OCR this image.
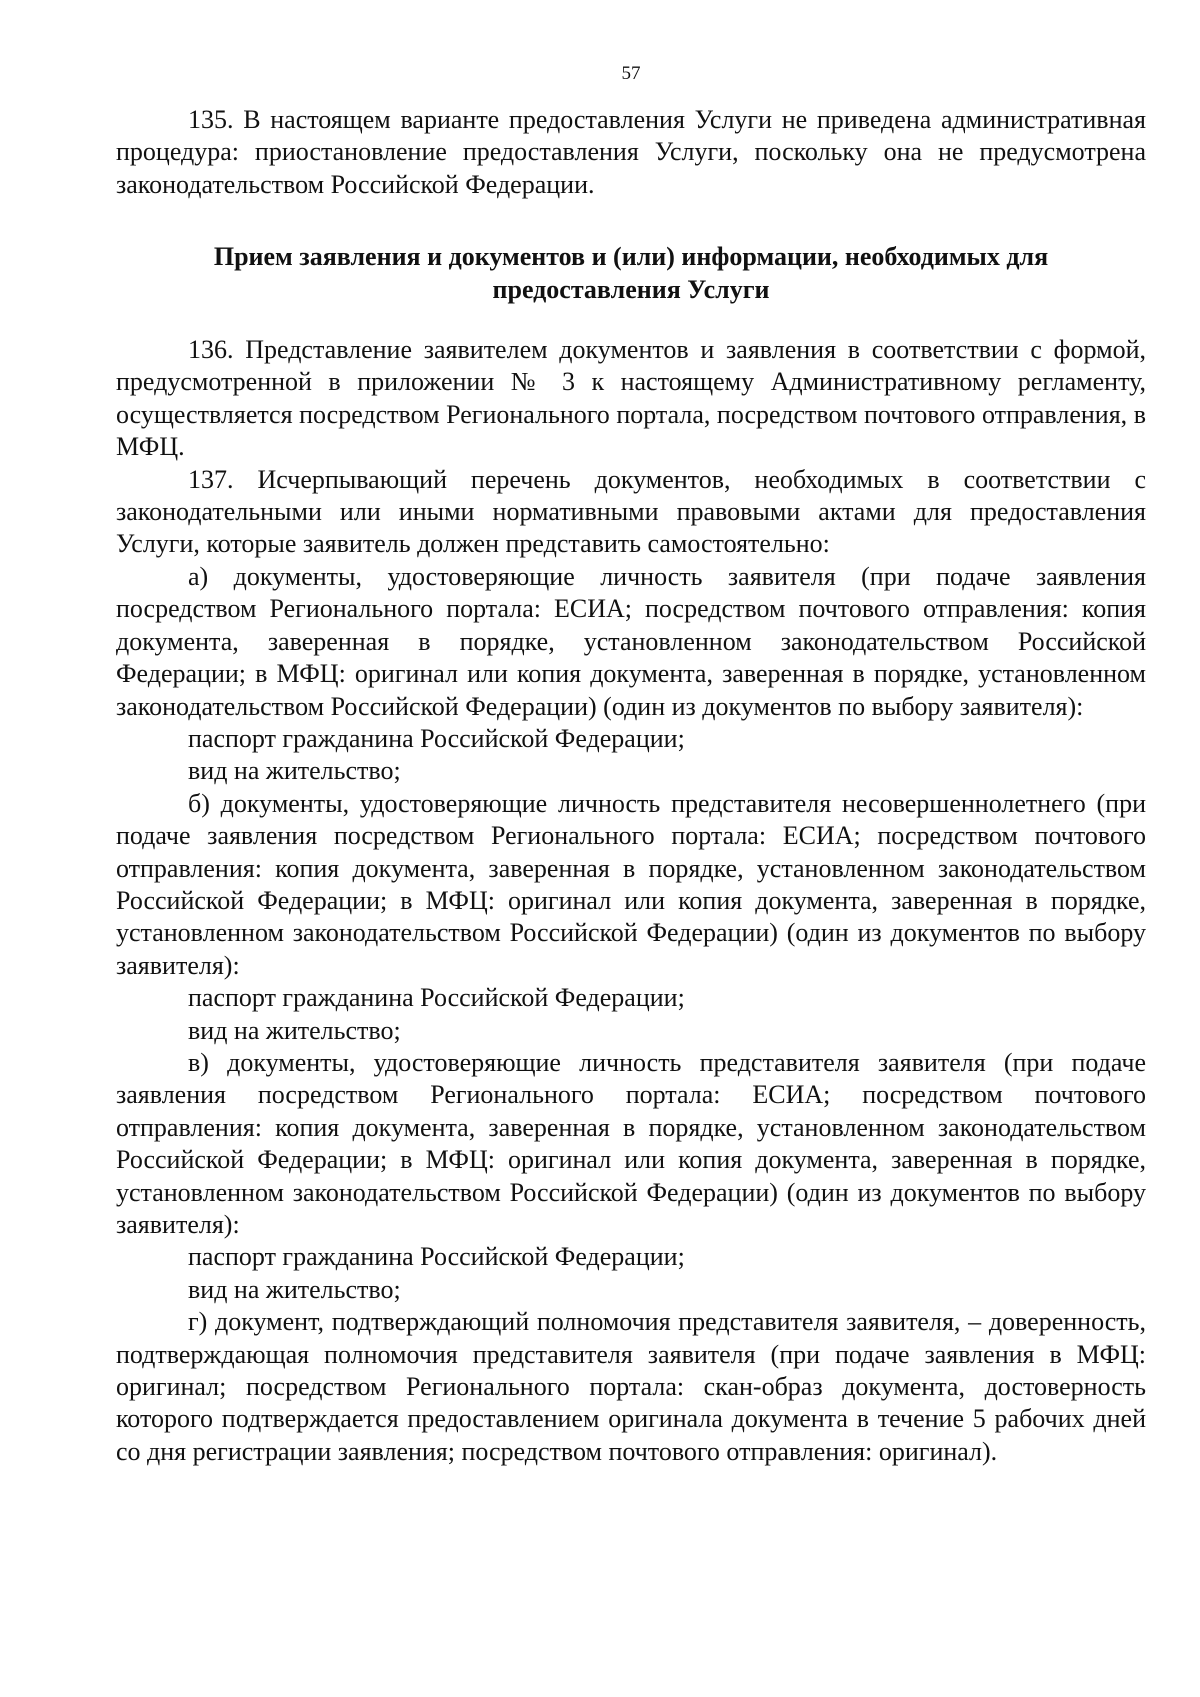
57

135. В настоящем варианте предоставления Услуги не приведена административная процедура: приостановление предоставления Услуги, поскольку она не предусмотрена законодательством Российской Федерации.

Прием заявления и документов и (или) информации, необходимых для предоставления Услуги

136. Представление заявителем документов и заявления в соответствии с формой, предусмотренной в приложении № 3 к настоящему Административному регламенту, осуществляется посредством Регионального портала, посредством почтового отправления, в МФЦ.

137. Исчерпывающий перечень документов, необходимых в соответствии с законодательными или иными нормативными правовыми актами для предоставления Услуги, которые заявитель должен представить самостоятельно:

а) документы, удостоверяющие личность заявителя (при подаче заявления посредством Регионального портала: ЕСИА; посредством почтового отправления: копия документа, заверенная в порядке, установленном законодательством Российской Федерации; в МФЦ: оригинал или копия документа, заверенная в порядке, установленном законодательством Российской Федерации) (один из документов по выбору заявителя):

паспорт гражданина Российской Федерации;

вид на жительство;

б) документы, удостоверяющие личность представителя несовершеннолетнего (при подаче заявления посредством Регионального портала: ЕСИА; посредством почтового отправления: копия документа, заверенная в порядке, установленном законодательством Российской Федерации; в МФЦ: оригинал или копия документа, заверенная в порядке, установленном законодательством Российской Федерации) (один из документов по выбору заявителя):

паспорт гражданина Российской Федерации;

вид на жительство;

в) документы, удостоверяющие личность представителя заявителя (при подаче заявления посредством Регионального портала: ЕСИА; посредством почтового отправления: копия документа, заверенная в порядке, установленном законодательством Российской Федерации; в МФЦ: оригинал или копия документа, заверенная в порядке, установленном законодательством Российской Федерации) (один из документов по выбору заявителя):

паспорт гражданина Российской Федерации;

вид на жительство;

г) документ, подтверждающий полномочия представителя заявителя, – доверенность, подтверждающая полномочия представителя заявителя (при подаче заявления в МФЦ: оригинал; посредством Регионального портала: скан-образ документа, достоверность которого подтверждается предоставлением оригинала документа в течение 5 рабочих дней со дня регистрации заявления; посредством почтового отправления: оригинал).
